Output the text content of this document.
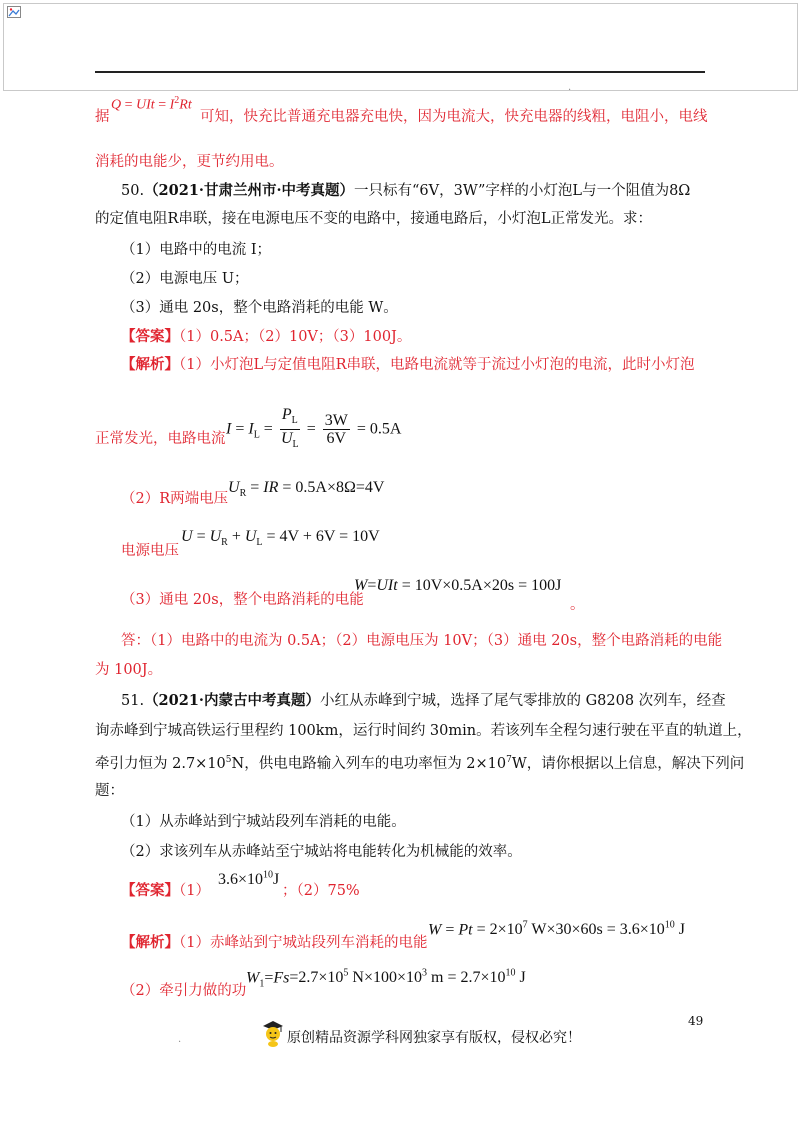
.
据
Q = UIt = $I^2Rt$
可知，快充比普通充电器充电快，因为电流大，快充电器的线粗，电阻小，电线
消耗的电能少，更节约用电。
50.（2021·甘肃兰州市·中考真题）一只标有“6V，3W”字样的小灯泡L与一个阻值为8Ω
的定值电阻R串联，接在电源电压不变的电路中，接通电路后，小灯泡L正常发光。求：
（1）电路中的电流 I；
（2）电源电压 U；
（3）通电 20s，整个电路消耗的电能 W。
【答案】（1）0.5A；（2）10V；（3）100J。
【解析】（1）小灯泡L与定值电阻R串联，电路电流就等于流过小灯泡的电流，此时小灯泡
正常发光，电路电流
$I = I_L = \frac{P_L}{U_L} = \frac{3W}{6V} = 0.5A$
（2）R两端电压
$U_R$ = IR = 0.5A×8Ω=4V
电源电压
$U = U_R + U_L = 4V + 6V = 10V$
（3）通电 20s，整个电路消耗的电能
W=UIt = 10V×0.5A×20s = 100J
。
答：（1）电路中的电流为 0.5A；（2）电源电压为 10V；（3）通电 20s，整个电路消耗的电能
为 100J。
51.（2021·内蒙古中考真题）小红从赤峰到宁城，选择了尾气零排放的 G8208 次列车，经查
询赤峰到宁城高铁运行里程约 100km，运行时间约 30min。若该列车全程匀速行驶在平直的轨道上，
牵引力恒为 $2.7\times 10^5N$，供电电路输入列车的电功率恒为 $2\times 10^7W$，请你根据以上信息，解决下列问
题：
（1）从赤峰站到宁城站段列车消耗的电能。
（2）求该列车从赤峰站至宁城站将电能转化为机械能的效率。
【答案】（1）
$3.6\times 10^{10}J$
；（2）75%
【解析】（1）赤峰站到宁城站段列车消耗的电能
$W = Pt = 2\times 10^7$ $W\times 30\times 60s = 3.6\times 10^{10}$ J
（2）牵引力做的功
$W_1=Fs=2.7\times 10^5$ $N\times 100\times 10^3$ $m = 2.7\times 10^{10}$ J
49
.	原创精品资源学科网独家享有版权，侵权必究！
